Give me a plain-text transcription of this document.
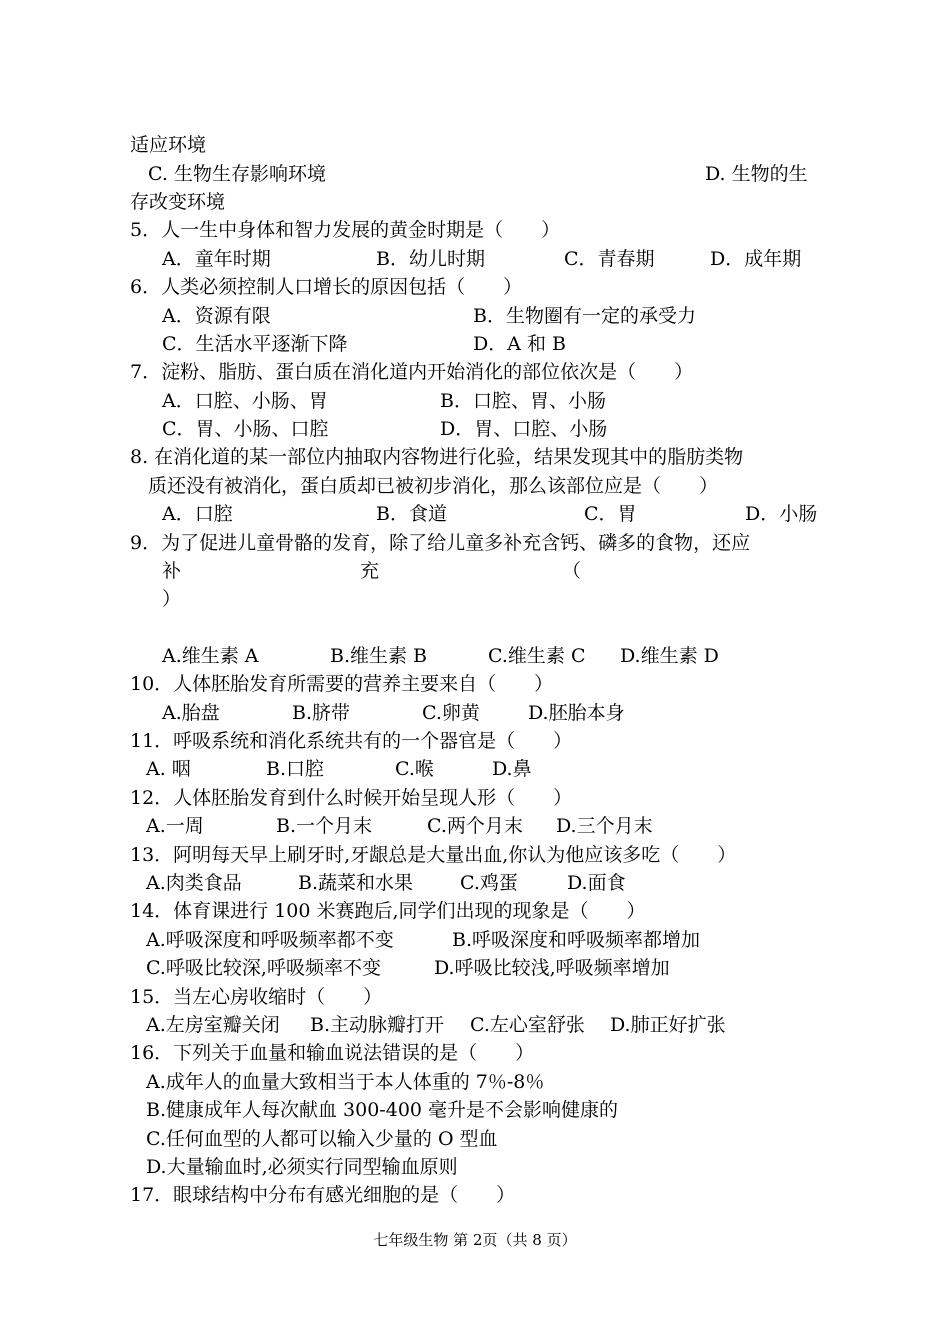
适应环境
C. 生物生存影响环境	D. 生物的生
存改变环境
5．人一生中身体和智力发展的黄金时期是（　　）
A．童年时期	B．幼儿时期	C．青春期	D．成年期
6．人类必须控制人口增长的原因包括（　　）
A．资源有限	B．生物圈有一定的承受力
C．生活水平逐渐下降	D．A 和 B
7．淀粉、脂肪、蛋白质在消化道内开始消化的部位依次是（　　）
A．口腔、小肠、胃	B．口腔、胃、小肠
C．胃、小肠、口腔	D．胃、口腔、小肠
8. 在消化道的某一部位内抽取内容物进行化验，结果发现其中的脂肪类物
质还没有被消化，蛋白质却已被初步消化，那么该部位应是（　　）
A．口腔	B．食道	C．胃	D．小肠
9．为了促进儿童骨骼的发育，除了给儿童多补充含钙、磷多的食物，还应
补	充	（
）
A.维生素 A	B.维生素 B	C.维生素 C D.维生素 D
10．人体胚胎发育所需要的营养主要来自（　　）
A.胎盘	B.脐带	C.卵黄	D.胚胎本身
11．呼吸系统和消化系统共有的一个器官是（　　）
A. 咽	B.口腔	C.喉	D.鼻
12．人体胚胎发育到什么时候开始呈现人形（　　）
A.一周	B.一个月末	C.两个月末 D.三个月末
13．阿明每天早上刷牙时,牙龈总是大量出血,你认为他应该多吃（　　）
A.肉类食品	B.蔬菜和水果 C.鸡蛋	D.面食
14．体育课进行 100 米赛跑后,同学们出现的现象是（　　）
A.呼吸深度和呼吸频率都不变	B.呼吸深度和呼吸频率都增加
C.呼吸比较深,呼吸频率不变	D.呼吸比较浅,呼吸频率增加
15．当左心房收缩时（　　）
A.左房室瓣关闭 B.主动脉瓣打开 C.左心室舒张 D.肺正好扩张
16．下列关于血量和输血说法错误的是（　　）
A.成年人的血量大致相当于本人体重的 7％-8％
B.健康成年人每次献血 300-400 毫升是不会影响健康的
C.任何血型的人都可以输入少量的 O 型血
D.大量输血时,必须实行同型输血原则
17．眼球结构中分布有感光细胞的是（　　）
七年级生物 第 2页（共 8 页）
